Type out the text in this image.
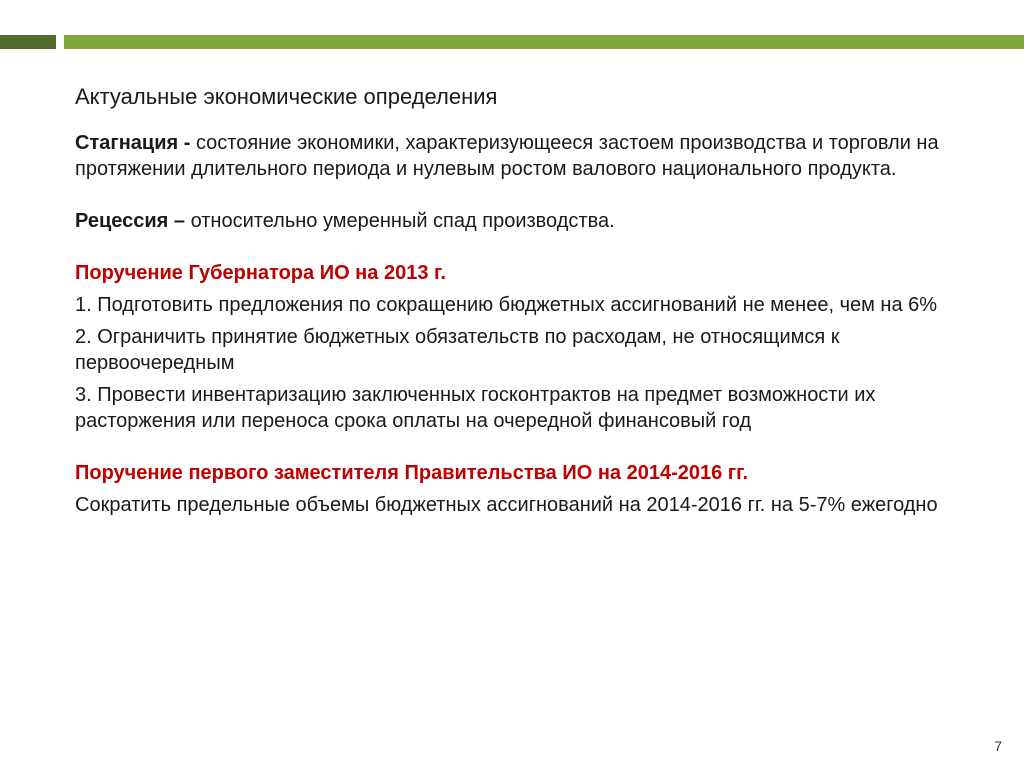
Актуальные экономические определения

Стагнация - состояние экономики, характеризующееся застоем производства и торговли на протяжении длительного периода и нулевым ростом валового национального продукта.

Рецессия – относительно умеренный спад производства.

Поручение Губернатора ИО на 2013 г.

1. Подготовить предложения по сокращению бюджетных ассигнований не менее, чем на 6%

2. Ограничить принятие бюджетных обязательств по расходам, не относящимся к первоочередным

3. Провести инвентаризацию заключенных госконтрактов на предмет возможности их расторжения или переноса срока оплаты на очередной финансовый год

Поручение первого заместителя Правительства ИО на 2014-2016 гг.

Сократить предельные объемы бюджетных ассигнований на 2014-2016 гг. на 5-7% ежегодно

7
